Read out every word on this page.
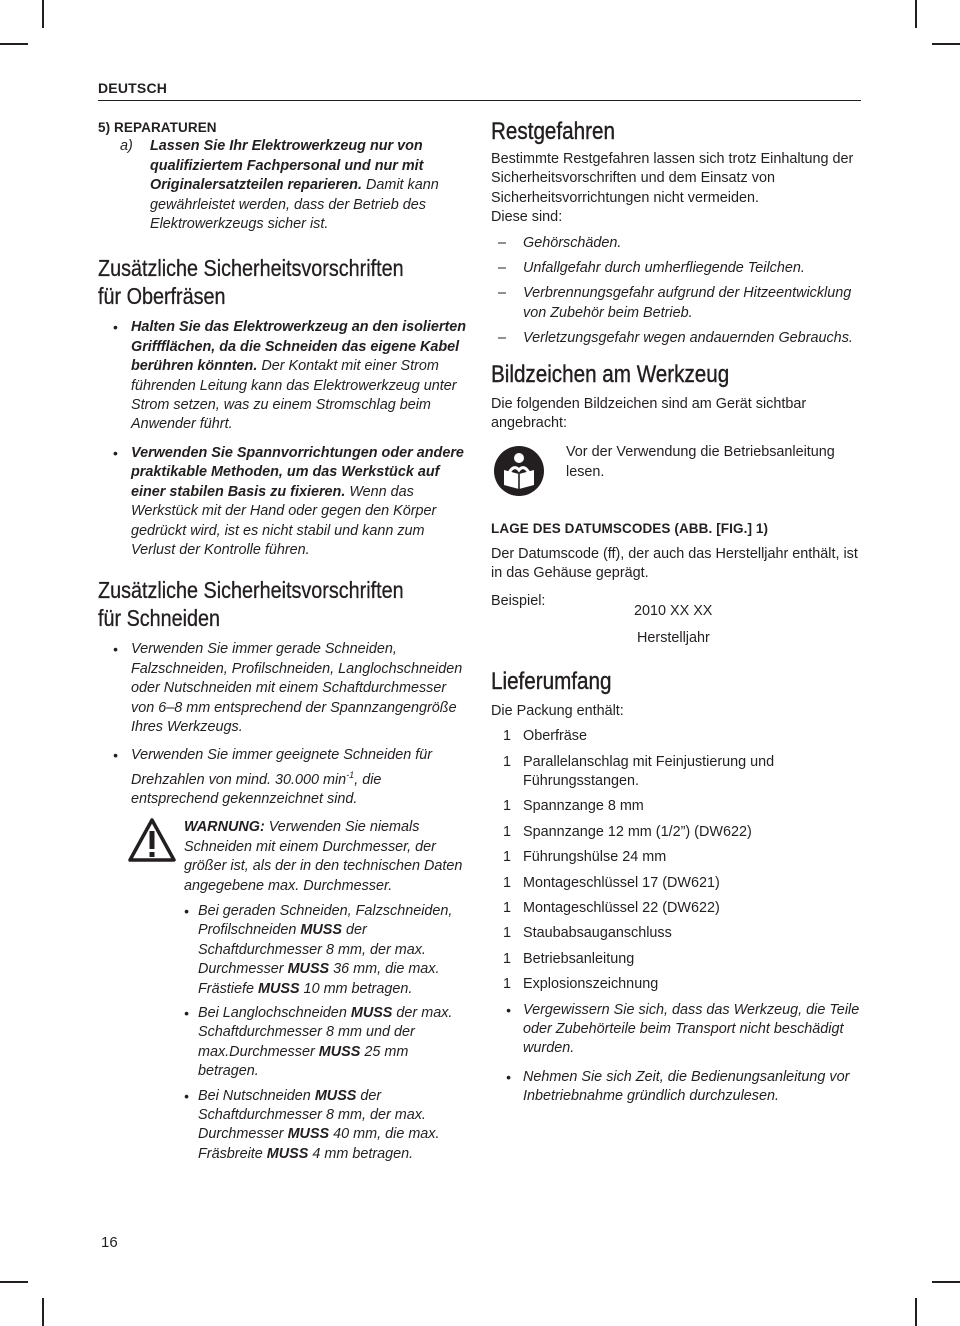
DEUTSCH

5) REPARATUREN

a)	Lassen Sie Ihr Elektrowerkzeug nur von qualifiziertem Fachpersonal und nur mit Originalersatzteilen reparieren. Damit kann gewährleistet werden, dass der Betrieb des Elektrowerkzeugs sicher ist.

Zusätzliche Sicherheitsvorschriften

für Oberfräsen

• Halten Sie das Elektrowerkzeug an den isolierten Griffflächen, da die Schneiden das eigene Kabel berühren könnten. Der Kontakt mit einer Strom führenden Leitung kann das Elektrowerkzeug unter Strom setzen, was zu einem Stromschlag beim Anwender führt.
• Verwenden Sie Spannvorrichtungen oder andere praktikable Methoden, um das Werkstück auf einer stabilen Basis zu fixieren. Wenn das Werkstück mit der Hand oder gegen den Körper gedrückt wird, ist es nicht stabil und kann zum Verlust der Kontrolle führen.

Zusätzliche Sicherheitsvorschriften

für Schneiden

• Verwenden Sie immer gerade Schneiden, Falzschneiden, Profilschneiden, Langlochschneiden oder Nutschneiden mit einem Schaftdurchmesser von 6–8 mm entsprechend der Spannzangengröße Ihres Werkzeugs.
• Verwenden Sie immer geeignete Schneiden für Drehzahlen von mind. 30.000 $\min^{-1}$, die entsprechend gekennzeichnet sind.

WARNUNG: Verwenden Sie niemals Schneiden mit einem Durchmesser, der größer ist, als der in den technischen Daten angegebene max. Durchmesser.

• Bei geraden Schneiden, Falzschneiden, Profilschneiden MUSS der Schaftdurchmesser 8 mm, der max. Durchmesser MUSS 36 mm, die max. Frästiefe MUSS 10 mm betragen.
• Bei Langlochschneiden MUSS der max. Schaftdurchmesser 8 mm und der max.Durchmesser MUSS 25 mm betragen.
• Bei Nutschneiden MUSS der Schaftdurchmesser 8 mm, der max. Durchmesser MUSS 40 mm, die max. Fräsbreite MUSS 4 mm betragen.

Restgefahren

Bestimmte Restgefahren lassen sich trotz Einhaltung der Sicherheitsvorschriften und dem Einsatz von Sicherheitsvorrichtungen nicht vermeiden.

Diese sind:

– Gehörschäden.
– Unfallgefahr durch umherfliegende Teilchen.
– Verbrennungsgefahr aufgrund der Hitzeentwicklung von Zubehör beim Betrieb.
– Verletzungsgefahr wegen andauernden Gebrauchs.

Bildzeichen am Werkzeug

Die folgenden Bildzeichen sind am Gerät sichtbar angebracht:

Vor der Verwendung die Betriebsanleitung lesen.

LAGE DES DATUMSCODES (ABB. [FIG.] 1)

Der Datumscode (ff), der auch das Herstelljahr enthält, ist in das Gehäuse geprägt.

Beispiel:
2010 XX XX
Herstelljahr

Lieferumfang

Die Packung enthält:

1 Oberfräse
1 Parallelanschlag mit Feinjustierung und Führungsstangen.
1 Spannzange 8 mm
1 Spannzange 12 mm (1/2”) (DW622)
1 Führungshülse 24 mm
1 Montageschlüssel 17 (DW621)
1 Montageschlüssel 22 (DW622)
1 Staubabsauganschluss
1 Betriebsanleitung
1 Explosionszeichnung
• Vergewissern Sie sich, dass das Werkzeug, die Teile oder Zubehörteile beim Transport nicht beschädigt wurden.
• Nehmen Sie sich Zeit, die Bedienungsanleitung vor Inbetriebnahme gründlich durchzulesen.
16
